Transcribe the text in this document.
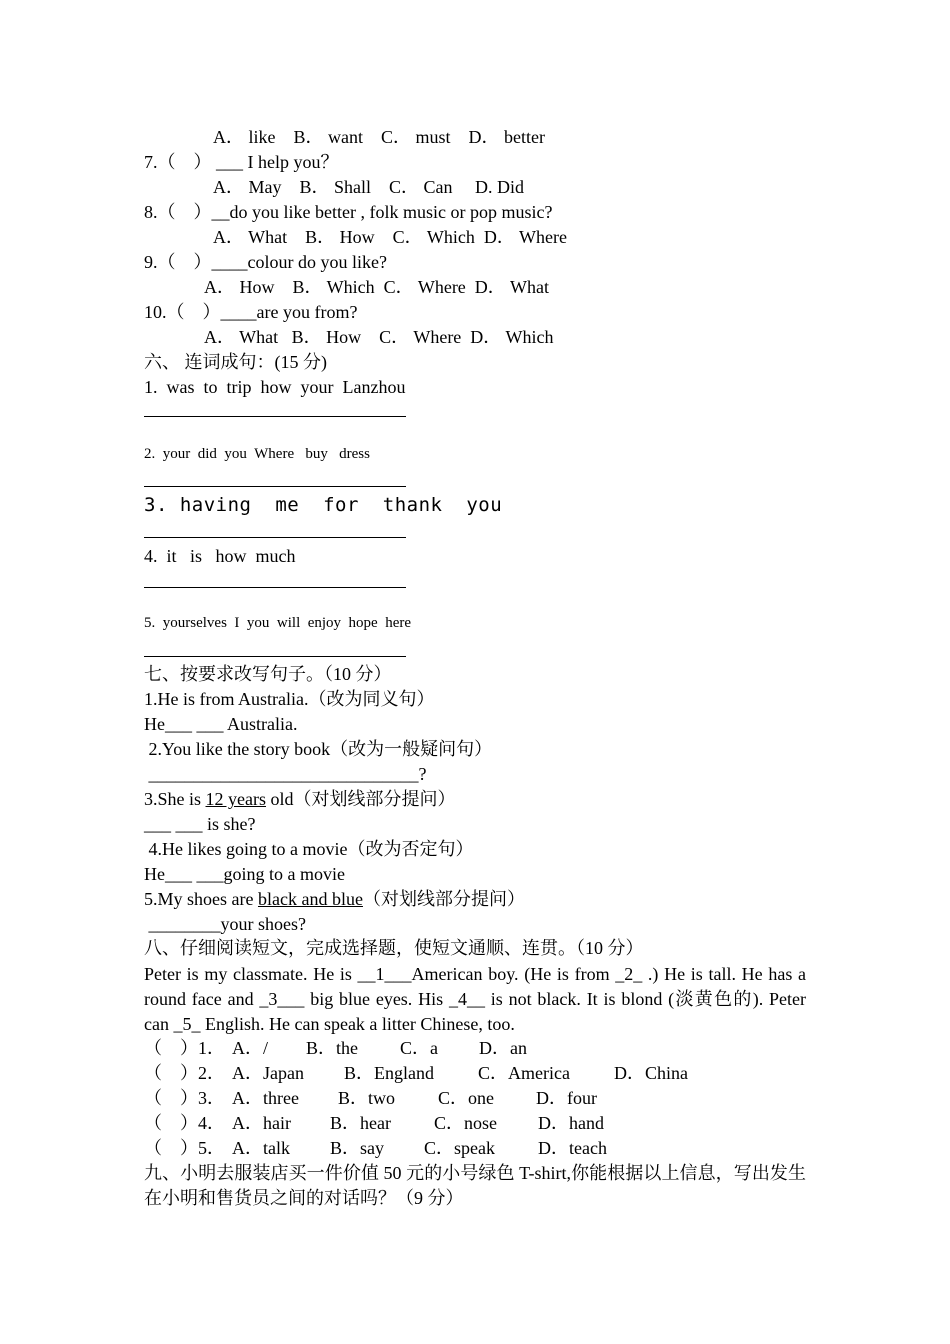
A． like    B． want    C． must    D． better
7.（    ） ___ I help you？
A． May    B． Shall    C． Can     D. Did
8.（    ）__do you like better , folk music or pop music?
A． What    B． How    C． Which  D． Where
9.（    ）____colour do you like?
A． How    B． Which  C． Where  D． What
10.（    ）____are you from?
A． What   B． How    C． Where  D． Which
六、 连词成句：(15 分)
1.  was  to  trip  how  your  Lanzhou
2.  your  did  you  Where   buy   dress
3. having  me  for  thank  you
4.  it   is   how  much
5.  yourselves  I  you  will  enjoy  hope  here
七、按要求改写句子。（10 分）
1.He is from Australia.（改为同义句）
He___ ___ Australia.
2.You like the story book（改为一般疑问句）
______________________________?
3.She is 12 years old（对划线部分提问）
___ ___ is she?
4.He likes going to a movie（改为否定句）
He___ ___going to a movie
5.My shoes are black and blue（对划线部分提问）
________your shoes?
八、仔细阅读短文，完成选择题，使短文通顺、连贯。（10 分）
Peter is my classmate. He is __1___American boy. (He is from _2_ .) He is tall. He has a round face and _3___ big blue eyes. His _4__ is not black. It is blond (淡黄色的). Peter can _5_ English. He can speak a litter Chinese, too.
（    ）1． A．/ B．the C．a D．an
（    ）2． A．Japan B．England C．America D．China
（    ）3． A．three B．two C．one D．four
（    ）4． A．hair B．hear C．nose D．hand
（    ）5． A．talk B．say C．speak D．teach
九、小明去服装店买一件价值 50 元的小号绿色 T-shirt,你能根据以上信息，写出发生在小明和售货员之间的对话吗？（9 分）
